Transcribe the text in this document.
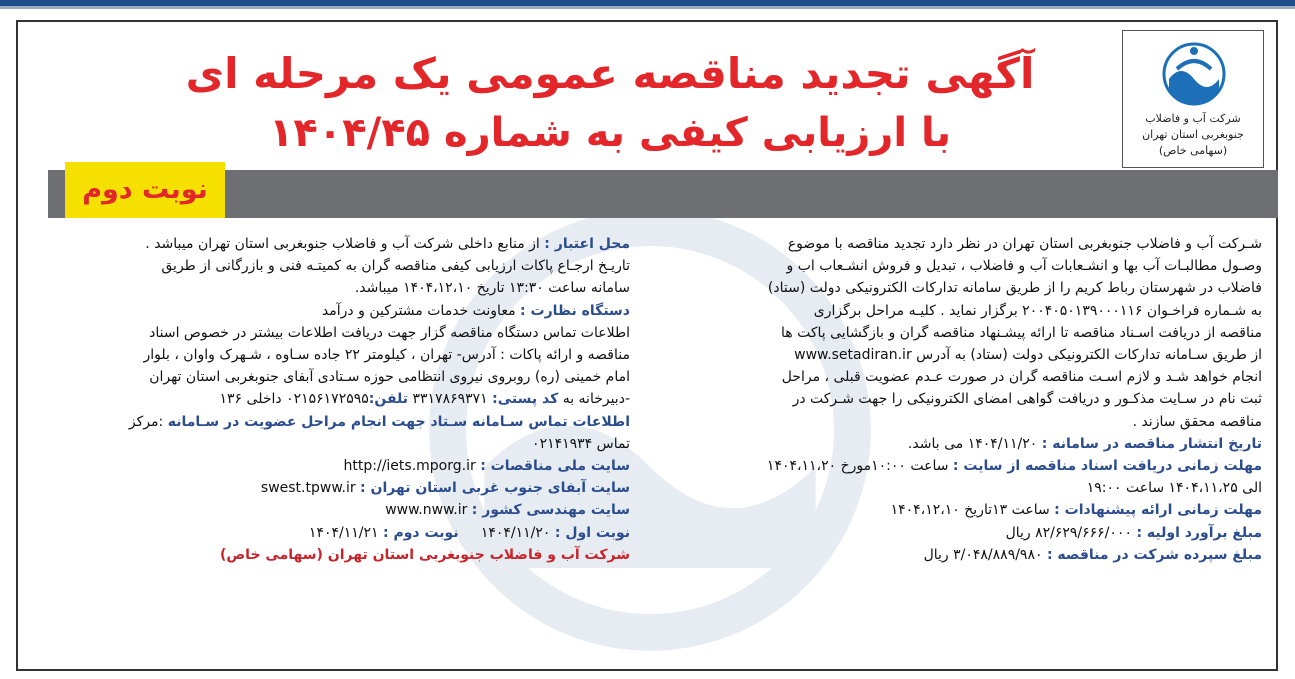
شرکت آب و فاضلاب
جنوبغربی استان تهران
(سهامی خاص)
آگهی تجدید مناقصه عمومی یک مرحله ای
با ارزیابی کیفی به شماره ۱۴۰۴/۴۵
نوبت دوم
شـرکت آب و فاضلاب جنوبغربی استان تهران در نظر دارد تجدید مناقصه با موضوع
وصـول مطالبـات آب بها و انشـعابات آب و فاضلاب ، تبدیل و فروش انشـعاب اب و
فاضلاب در شهرستان رباط کریم را از طریق سامانه تدارکات الکترونیکی دولت (ستاد)
به شـماره فراخـوان ۲۰۰۴۰۵۰۱۳۹۰۰۰۱۱۶ برگزار نماید . کلیـه مراحل برگزاری
مناقصه از دریافت اسـناد مناقصه تا ارائه پیشـنهاد مناقصه گران و بازگشایی پاکت ها
از طریق سـامانه تدارکات الکترونیکی دولت (ستاد) به آدرس www.setadiran.ir
انجام خواهد شـد و لازم اسـت مناقصه گران در صورت عـدم عضویت قبلی ، مراحل
ثبت نام در سـایت مذکـور و دریافت گواهی امضای الکترونیکی را جهت شـرکت در
مناقصه محقق سازند .
تاریخ انتشار مناقصه در سامانه : ۱۴۰۴/۱۱/۲۰ می باشد.
مهلت زمانی دریافت اسناد مناقصه از سایت : ساعت ۱۰:۰۰مورخ ۱۴۰۴،۱۱،۲۰
الی ۱۴۰۴،۱۱،۲۵ ساعت ۱۹:۰۰
مهلت زمانی ارائه پیشنهادات : ساعت ۱۳تاریخ ۱۴۰۴،۱۲،۱۰
مبلغ برآورد اولیه : ۸۲/۶۲۹/۶۶۶/۰۰۰ ریال
مبلغ سپرده شرکت در مناقصه : ۳/۰۴۸/۸۸۹/۹۸۰ ریال
محل اعتبار : از منابع داخلی شرکت آب و فاضلاب جنوبغربی استان تهران میباشد .
تاریـخ ارجـاع پاکات ارزیابی کیفی مناقصه گران به کمیتـه فنی و بازرگانی از طریق
سامانه ساعت ۱۳:۳۰ تاریخ ۱۴۰۴،۱۲،۱۰ میباشد.
دستگاه نظارت : معاونت خدمات مشترکین و درآمد
اطلاعات تماس دستگاه مناقصه گزار جهت دریافت اطلاعات بیشتر در خصوص اسناد
مناقصه و ارائه پاکات : آدرس- تهران ، کیلومتر ۲۲ جاده سـاوه ، شـهرک واوان ، بلوار
امام خمینی (ره) روبروی نیروی انتظامی حوزه سـتادی آبفای جنوبغربی استان تهران
-دبیرخانه به کد پستی: ۳۳۱۷۸۶۹۳۷۱ تلفن:۰۲۱۵۶۱۷۲۵۹۵ داخلی ۱۳۶
اطلاعات تماس سـامانه سـتاد جهت انجام مراحل عضویت در سـامانه :مرکز
تماس ۰۲۱۴۱۹۳۴
سایت ملی مناقصات : http://iets.mporg.ir
سایت آبفای جنوب غربی استان تهران : swest.tpww.ir
سایت مهندسی کشور : www.nww.ir
نوبت اول : ۱۴۰۴/۱۱/۲۰     نوبت دوم : ۱۴۰۴/۱۱/۲۱
شرکت آب و فاضلاب جنوبغربی استان تهران (سهامی خاص)
